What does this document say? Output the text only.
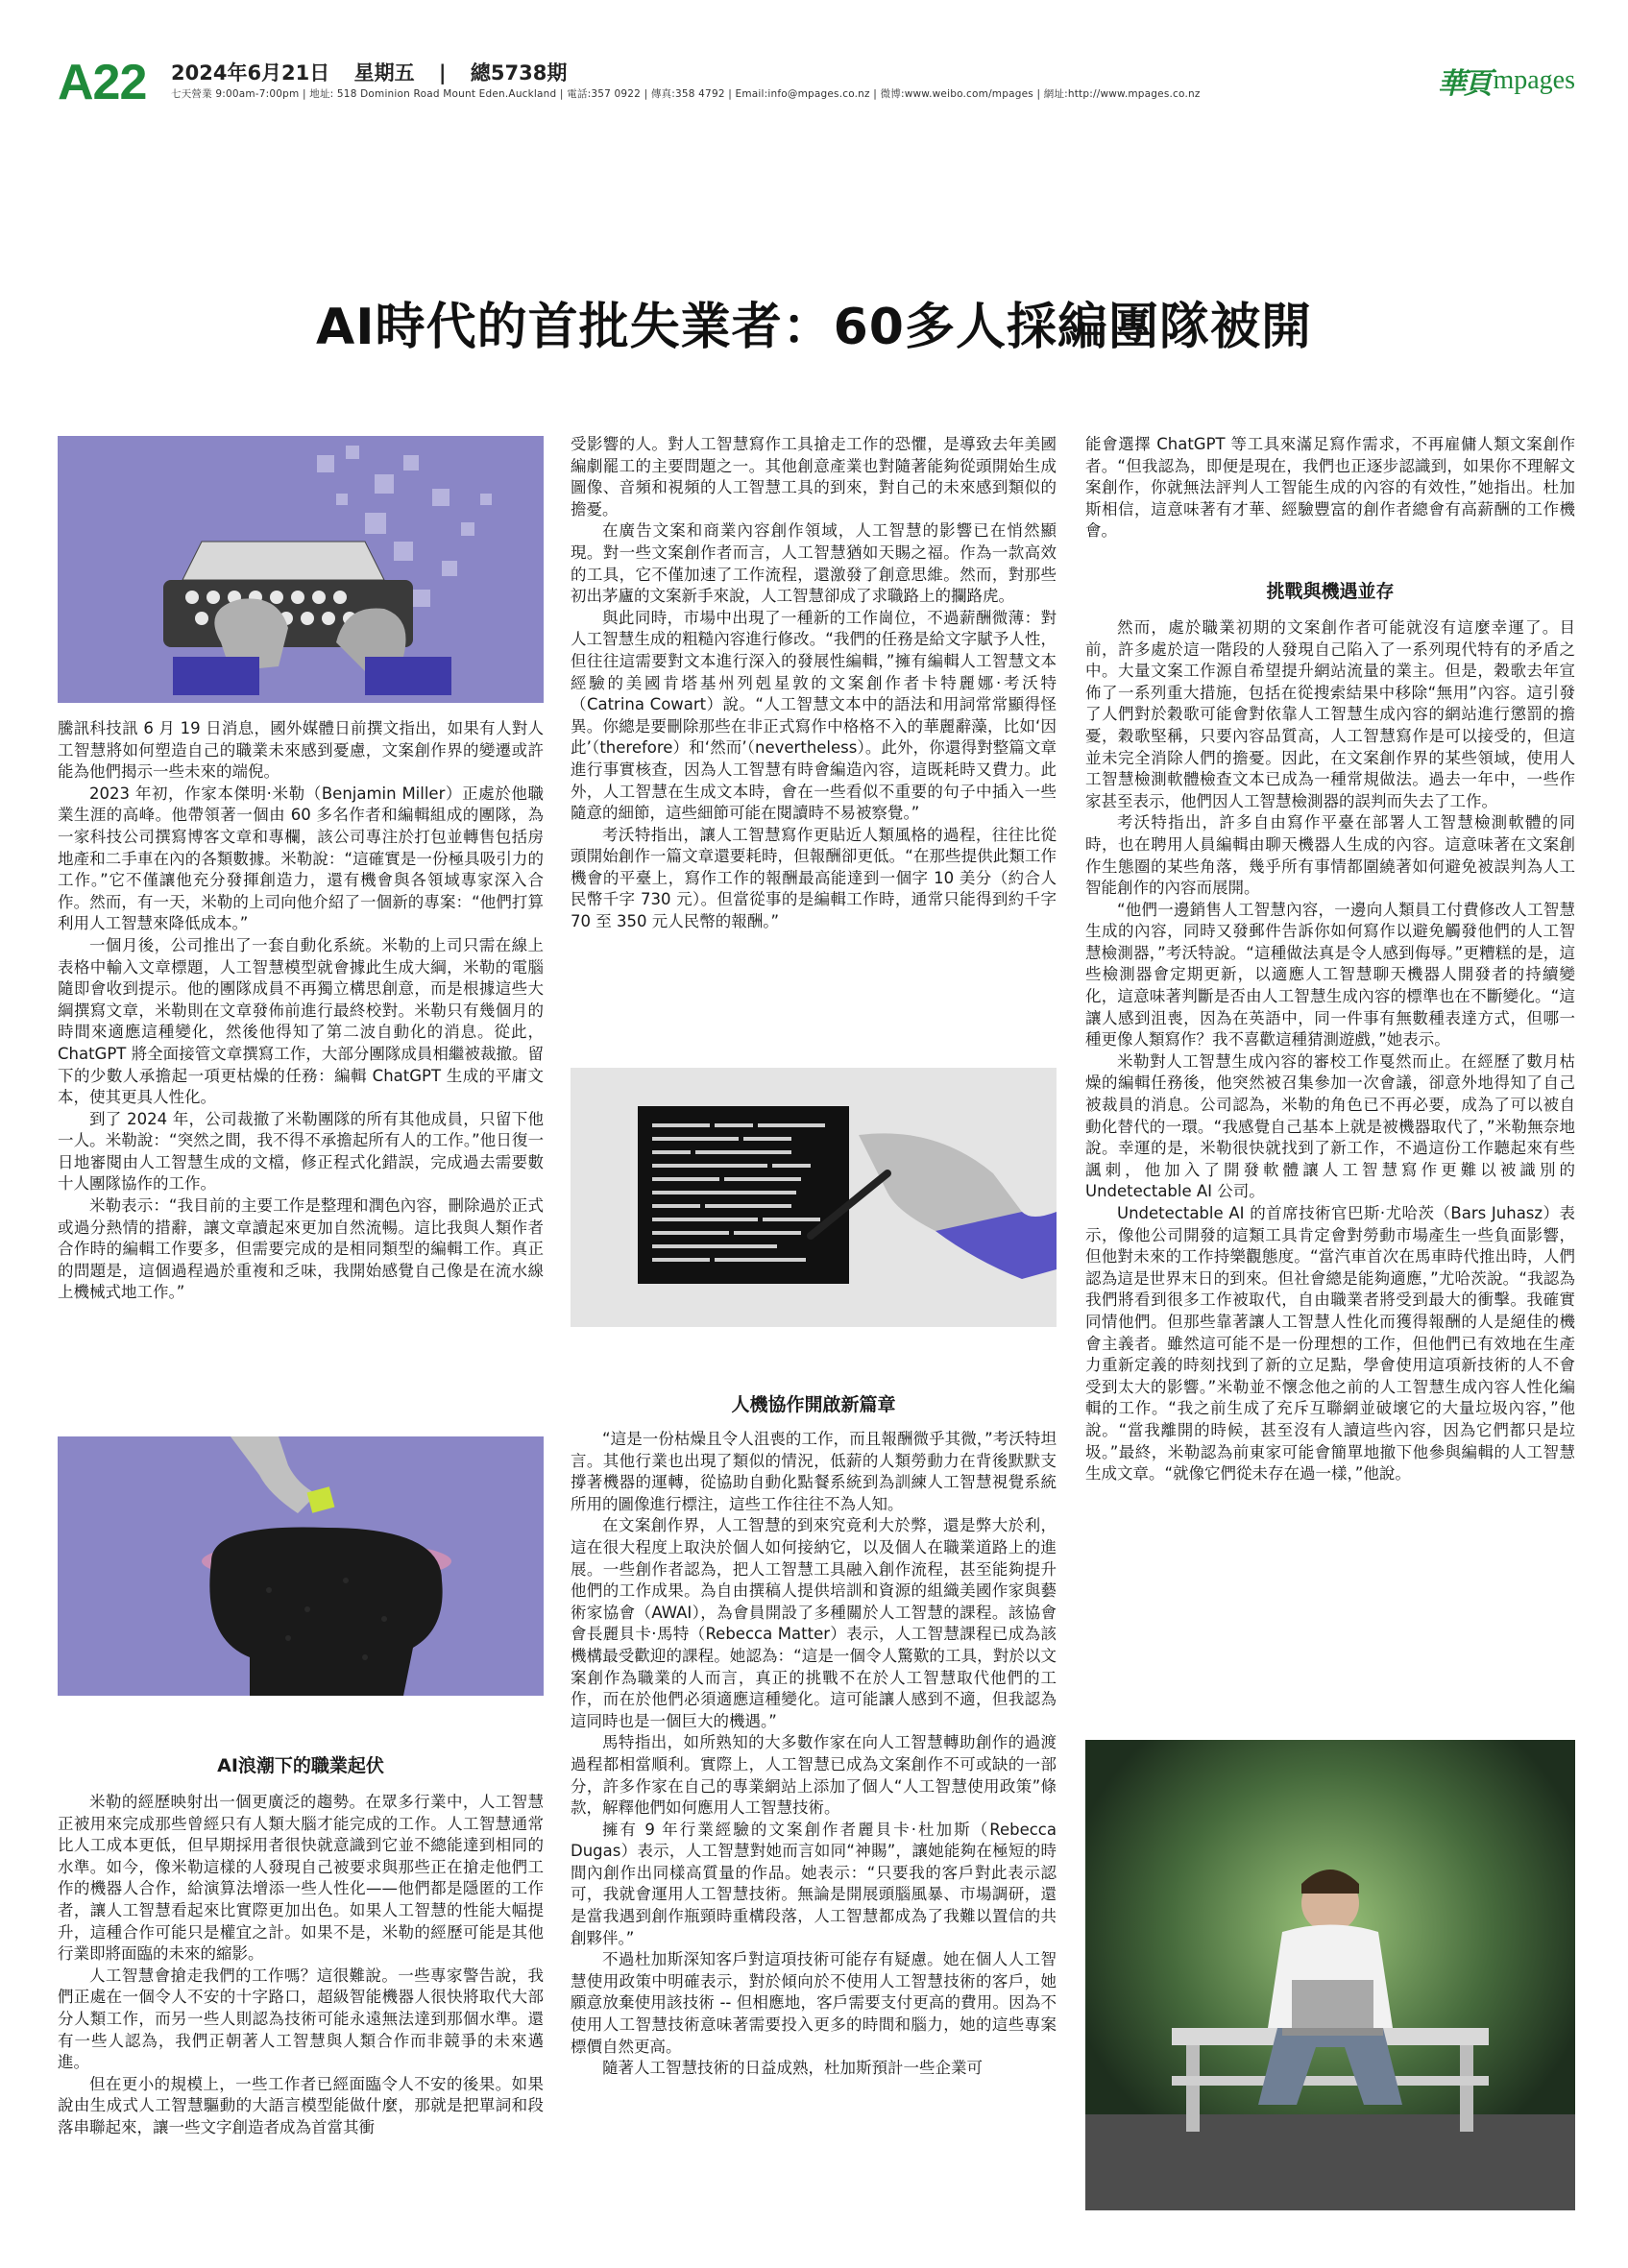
A22 2024年6月21日 星期五 | 總5738期
七天營業 9:00am-7:00pm | 地址: 518 Dominion Road Mount Eden.Auckland | 電話:357 0922 | 傳真:358 4792 | Email:info@mpages.co.nz | 微博:www.weibo.com/mpages | 網址:http://www.mpages.co.nz	華頁 mpages
AI時代的首批失業者：60多人採編團隊被開

騰訊科技訊 6 月 19 日消息，國外媒體日前撰文指出，如果有人對人工智慧將如何塑造自己的職業未來感到憂慮，文案創作界的變遷或許能為他們揭示一些未來的端倪。

2023 年初，作家本傑明·米勒（Benjamin Miller）正處於他職業生涯的高峰。他帶領著一個由 60 多名作者和編輯組成的團隊，為一家科技公司撰寫博客文章和專欄，該公司專注於打包並轉售包括房地產和二手車在內的各類數據。米勒說：“這確實是一份極具吸引力的工作。”它不僅讓他充分發揮創造力，還有機會與各領域專家深入合作。然而，有一天，米勒的上司向他介紹了一個新的專案：“他們打算利用人工智慧來降低成本。”

一個月後，公司推出了一套自動化系統。米勒的上司只需在線上表格中輸入文章標題，人工智慧模型就會據此生成大綱，米勒的電腦隨即會收到提示。他的團隊成員不再獨立構思創意，而是根據這些大綱撰寫文章，米勒則在文章發佈前進行最終校對。米勒只有幾個月的時間來適應這種變化，然後他得知了第二波自動化的消息。從此，ChatGPT 將全面接管文章撰寫工作，大部分團隊成員相繼被裁撤。留下的少數人承擔起一項更枯燥的任務：編輯 ChatGPT 生成的平庸文本，使其更具人性化。

到了 2024 年，公司裁撤了米勒團隊的所有其他成員，只留下他一人。米勒說：“突然之間，我不得不承擔起所有人的工作。”他日復一日地審閱由人工智慧生成的文檔，修正程式化錯誤，完成過去需要數十人團隊協作的工作。

米勒表示：“我目前的主要工作是整理和潤色內容，刪除過於正式或過分熱情的措辭，讓文章讀起來更加自然流暢。這比我與人類作者合作時的編輯工作要多，但需要完成的是相同類型的編輯工作。真正的問題是，這個過程過於重複和乏味，我開始感覺自己像是在流水線上機械式地工作。”

AI浪潮下的職業起伏

米勒的經歷映射出一個更廣泛的趨勢。在眾多行業中，人工智慧正被用來完成那些曾經只有人類大腦才能完成的工作。人工智慧通常比人工成本更低，但早期採用者很快就意識到它並不總能達到相同的水準。如今，像米勒這樣的人發現自己被要求與那些正在搶走他們工作的機器人合作，給演算法增添一些人性化——他們都是隱匿的工作者，讓人工智慧看起來比實際更加出色。如果人工智慧的性能大幅提升，這種合作可能只是權宜之計。如果不是，米勒的經歷可能是其他行業即將面臨的未來的縮影。

人工智慧會搶走我們的工作嗎？這很難說。一些專家警告說，我們正處在一個令人不安的十字路口，超級智能機器人很快將取代大部分人類工作，而另一些人則認為技術可能永遠無法達到那個水準。還有一些人認為，我們正朝著人工智慧與人類合作而非競爭的未來邁進。

但在更小的規模上，一些工作者已經面臨令人不安的後果。如果說由生成式人工智慧驅動的大語言模型能做什麼，那就是把單詞和段落串聯起來，讓一些文字創造者成為首當其衝

受影響的人。對人工智慧寫作工具搶走工作的恐懼，是導致去年美國編劇罷工的主要問題之一。其他創意產業也對隨著能夠從頭開始生成圖像、音頻和視頻的人工智慧工具的到來，對自己的未來感到類似的擔憂。

在廣告文案和商業內容創作領域，人工智慧的影響已在悄然顯現。對一些文案創作者而言，人工智慧猶如天賜之福。作為一款高效的工具，它不僅加速了工作流程，還激發了創意思維。然而，對那些初出茅廬的文案新手來說，人工智慧卻成了求職路上的攔路虎。

與此同時，市場中出現了一種新的工作崗位，不過薪酬微薄：對人工智慧生成的粗糙內容進行修改。“我們的任務是給文字賦予人性，但往往這需要對文本進行深入的發展性編輯，”擁有編輯人工智慧文本經驗的美國肯塔基州列剋星敦的文案創作者卡特麗娜·考沃特（Catrina Cowart）說。“人工智慧文本中的語法和用詞常常顯得怪異。你總是要刪除那些在非正式寫作中格格不入的華麗辭藻，比如‘因此’（therefore）和‘然而’（nevertheless）。此外，你還得對整篇文章進行事實核查，因為人工智慧有時會編造內容，這既耗時又費力。此外，人工智慧在生成文本時，會在一些看似不重要的句子中插入一些隨意的細節，這些細節可能在閱讀時不易被察覺。”

考沃特指出，讓人工智慧寫作更貼近人類風格的過程，往往比從頭開始創作一篇文章還要耗時，但報酬卻更低。“在那些提供此類工作機會的平臺上，寫作工作的報酬最高能達到一個字 10 美分（約合人民幣千字 730 元）。但當從事的是編輯工作時，通常只能得到約千字 70 至 350 元人民幣的報酬。”

人機協作開啟新篇章

“這是一份枯燥且令人沮喪的工作，而且報酬微乎其微，”考沃特坦言。其他行業也出現了類似的情況，低薪的人類勞動力在背後默默支撐著機器的運轉，從協助自動化點餐系統到為訓練人工智慧視覺系統所用的圖像進行標注，這些工作往往不為人知。

在文案創作界，人工智慧的到來究竟利大於弊，還是弊大於利，這在很大程度上取決於個人如何接納它，以及個人在職業道路上的進展。一些創作者認為，把人工智慧工具融入創作流程，甚至能夠提升他們的工作成果。為自由撰稿人提供培訓和資源的組織美國作家與藝術家協會（AWAI），為會員開設了多種關於人工智慧的課程。該協會會長麗貝卡·馬特（Rebecca Matter）表示，人工智慧課程已成為該機構最受歡迎的課程。她認為：“這是一個令人驚歎的工具，對於以文案創作為職業的人而言，真正的挑戰不在於人工智慧取代他們的工作，而在於他們必須適應這種變化。這可能讓人感到不適，但我認為這同時也是一個巨大的機遇。”

馬特指出，如所熟知的大多數作家在向人工智慧轉助創作的過渡過程都相當順利。實際上，人工智慧已成為文案創作不可或缺的一部分，許多作家在自己的專業網站上添加了個人“人工智慧使用政策”條款，解釋他們如何應用人工智慧技術。

擁有 9 年行業經驗的文案創作者麗貝卡·杜加斯（Rebecca Dugas）表示，人工智慧對她而言如同“神賜”，讓她能夠在極短的時間內創作出同樣高質量的作品。她表示：“只要我的客戶對此表示認可，我就會運用人工智慧技術。無論是開展頭腦風暴、市場調研，還是當我遇到創作瓶頸時重構段落，人工智慧都成為了我難以置信的共創夥伴。”

不過杜加斯深知客戶對這項技術可能存有疑慮。她在個人人工智慧使用政策中明確表示，對於傾向於不使用人工智慧技術的客戶，她願意放棄使用該技術 -- 但相應地，客戶需要支付更高的費用。因為不使用人工智慧技術意味著需要投入更多的時間和腦力，她的這些專案標價自然更高。

隨著人工智慧技術的日益成熟，杜加斯預計一些企業可

能會選擇 ChatGPT 等工具來滿足寫作需求，不再雇傭人類文案創作者。“但我認為，即便是現在，我們也正逐步認識到，如果你不理解文案創作，你就無法評判人工智能生成的內容的有效性，”她指出。杜加斯相信，這意味著有才華、經驗豐富的創作者總會有高薪酬的工作機會。

挑戰與機遇並存

然而，處於職業初期的文案創作者可能就沒有這麼幸運了。目前，許多處於這一階段的人發現自己陷入了一系列現代特有的矛盾之中。大量文案工作源自希望提升網站流量的業主。但是，穀歌去年宣佈了一系列重大措施，包括在從搜索結果中移除“無用”內容。這引發了人們對於穀歌可能會對依靠人工智慧生成內容的網站進行懲罰的擔憂，穀歌堅稱，只要內容品質高，人工智慧寫作是可以接受的，但這並未完全消除人們的擔憂。因此，在文案創作界的某些領域，使用人工智慧檢測軟體檢查文本已成為一種常規做法。過去一年中，一些作家甚至表示，他們因人工智慧檢測器的誤判而失去了工作。

考沃特指出，許多自由寫作平臺在部署人工智慧檢測軟體的同時，也在聘用人員編輯由聊天機器人生成的內容。這意味著在文案創作生態圈的某些角落，幾乎所有事情都圍繞著如何避免被誤判為人工智能創作的內容而展開。

“他們一邊銷售人工智慧內容，一邊向人類員工付費修改人工智慧生成的內容，同時又發郵件告訴你如何寫作以避免觸發他們的人工智慧檢測器，”考沃特說。“這種做法真是令人感到侮辱。”更糟糕的是，這些檢測器會定期更新，以適應人工智慧聊天機器人開發者的持續變化，這意味著判斷是否由人工智慧生成內容的標準也在不斷變化。“這讓人感到沮喪，因為在英語中，同一件事有無數種表達方式，但哪一種更像人類寫作？我不喜歡這種猜測遊戲，”她表示。

米勒對人工智慧生成內容的審校工作戛然而止。在經歷了數月枯燥的編輯任務後，他突然被召集參加一次會議，卻意外地得知了自己被裁員的消息。公司認為，米勒的角色已不再必要，成為了可以被自動化替代的一環。“我感覺自己基本上就是被機器取代了，”米勒無奈地說。幸運的是，米勒很快就找到了新工作，不過這份工作聽起來有些諷刺，他加入了開發軟體讓人工智慧寫作更難以被識別的 Undetectable AI 公司。

Undetectable AI 的首席技術官巴斯·尤哈茨（Bars Juhasz）表示，像他公司開發的這類工具肯定會對勞動市場產生一些負面影響，但他對未來的工作持樂觀態度。“當汽車首次在馬車時代推出時，人們認為這是世界末日的到來。但社會總是能夠適應，”尤哈茨說。“我認為我們將看到很多工作被取代，自由職業者將受到最大的衝擊。我確實同情他們。但那些靠著讓人工智慧人性化而獲得報酬的人是絕佳的機會主義者。雖然這可能不是一份理想的工作，但他們已有效地在生產力重新定義的時刻找到了新的立足點，學會使用這項新技術的人不會受到太大的影響。”米勒並不懷念他之前的人工智慧生成內容人性化編輯的工作。“我之前生成了充斥互聯網並破壞它的大量垃圾內容，”他說。“當我離開的時候，甚至沒有人讀這些內容，因為它們都只是垃圾。”最終，米勒認為前東家可能會簡單地撤下他參與編輯的人工智慧生成文章。“就像它們從未存在過一樣，”他說。
